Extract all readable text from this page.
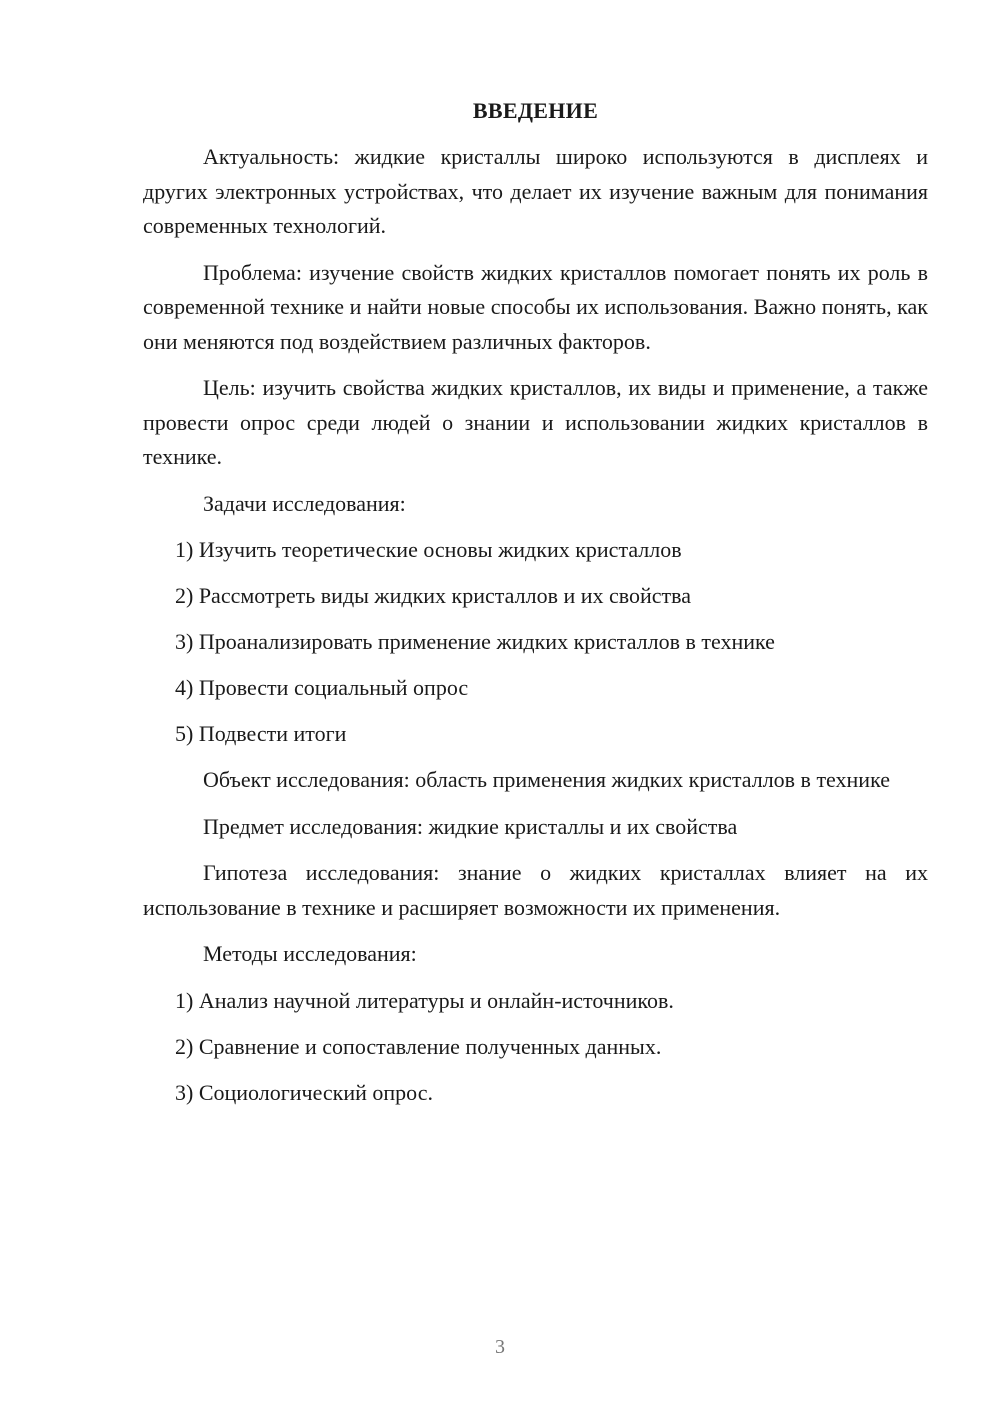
ВВЕДЕНИЕ

Актуальность: жидкие кристаллы широко используются в дисплеях и других электронных устройствах, что делает их изучение важным для понимания современных технологий.

Проблема: изучение свойств жидких кристаллов помогает понять их роль в современной технике и найти новые способы их использования. Важно понять, как они меняются под воздействием различных факторов.

Цель: изучить свойства жидких кристаллов, их виды и применение, а также провести опрос среди людей о знании и использовании жидких кристаллов в технике.

Задачи исследования:

1) Изучить теоретические основы жидких кристаллов

2) Рассмотреть виды жидких кристаллов и их свойства

3) Проанализировать применение жидких кристаллов в технике

4) Провести социальный опрос

5) Подвести итоги

Объект исследования: область применения жидких кристаллов в технике

Предмет исследования: жидкие кристаллы и их свойства

Гипотеза исследования: знание о жидких кристаллах влияет на их использование в технике и расширяет возможности их применения.

Методы исследования:

1) Анализ научной литературы и онлайн-источников.

2) Сравнение и сопоставление полученных данных.

3) Социологический опрос.

3
